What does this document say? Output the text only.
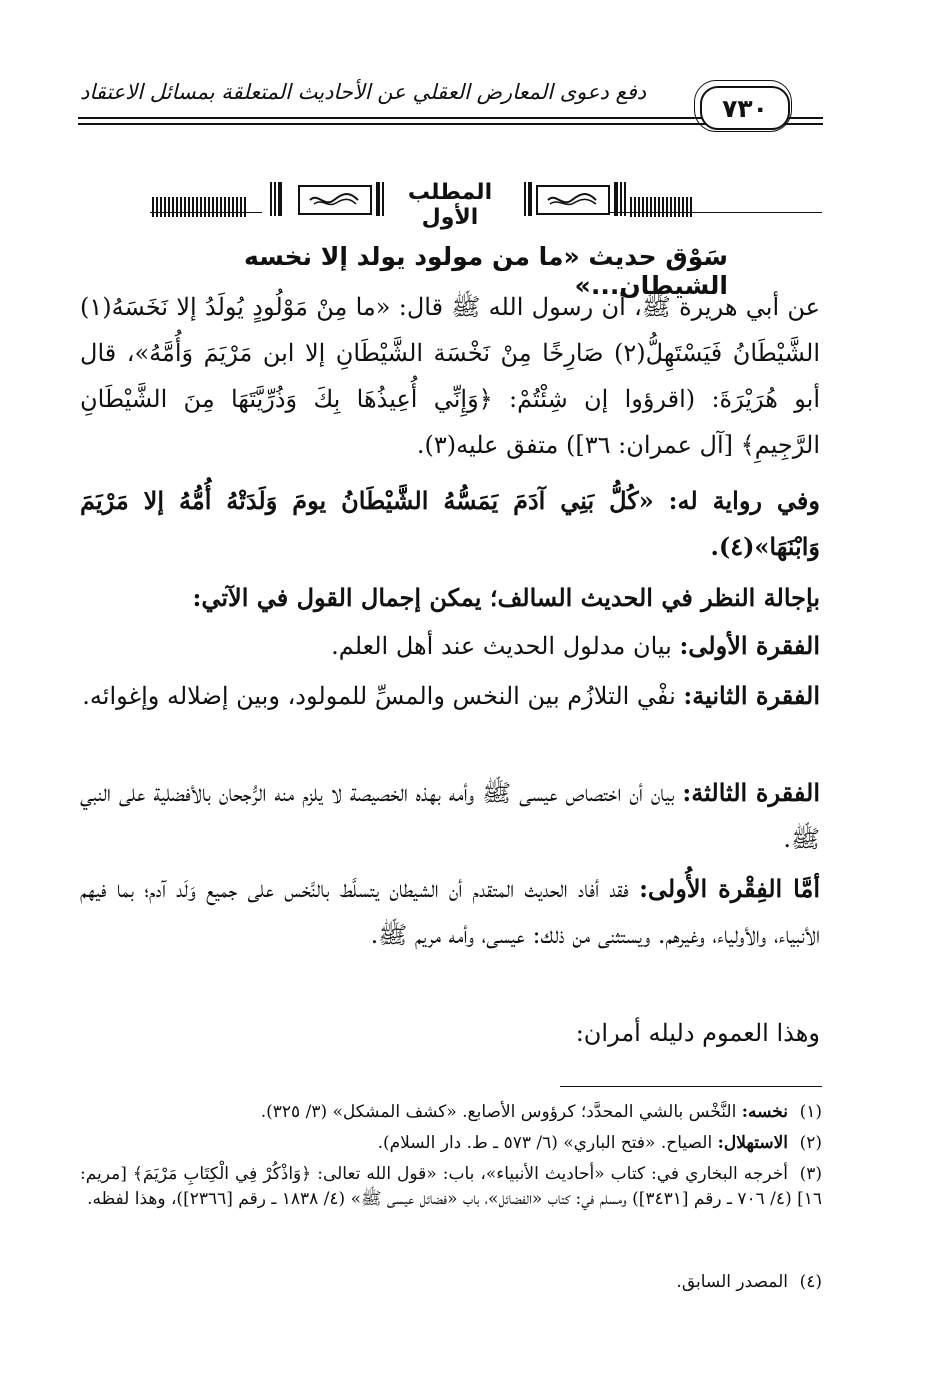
دفع دعوى المعارض العقلي عن الأحاديث المتعلقة بمسائل الاعتقاد
٧٣٠
المطلب الأول
سَوْق حديث «ما من مولود يولد إلا نخسه الشيطان...»
عن أبي هريرة ﷺ، أن رسول الله ﷺ قال: «ما مِنْ مَوْلُودٍ يُولَدُ إلا نَخَسَهُ(١) الشَّيْطَانُ فَيَسْتَهِلُّ(٢) صَارِخًا مِنْ نَخْسَة الشَّيْطَانِ إلا ابن مَرْيَمَ وَأُمَّهُ»، قال أبو هُرَيْرَةَ: (اقرؤوا إن شِئْتُمْ: ﴿وَإِنِّي أُعِيذُهَا بِكَ وَذُرِّيَّتَهَا مِنَ الشَّيْطَانِ الرَّجِيمِ﴾ [آل عمران: ٣٦]) متفق عليه(٣).
وفي رواية له: «كُلُّ بَنِي آدَمَ يَمَسُّهُ الشَّيْطَانُ يومَ وَلَدَتْهُ أُمُّهُ إلا مَرْيَمَ وَابْنَهَا»(٤).
بإجالة النظر في الحديث السالف؛ يمكن إجمال القول في الآتي:
الفقرة الأولى: بيان مدلول الحديث عند أهل العلم.
الفقرة الثانية: نفْي التلازُم بين النخس والمسِّ للمولود، وبين إضلاله وإغوائه.
الفقرة الثالثة: بيان أن اختصاص عيسى ﷺ وأمه بهذه الخصيصة لا يلزم منه الرُّجحان بالأفضلية على النبي ﷺ.
أمَّا الفِقْرة الأُولى: فقد أفاد الحديث المتقدم أن الشيطان يتسلَّط بالنَّخس على جميع وَلَد آدم؛ بما فيهم الأنبياء، والأولياء، وغيرهم. ويستثنى من ذلك: عيسى، وأمه مريم ﷺ.
وهذا العموم دليله أمران:
(١)نخسه: النَّخْس بالشي المحدَّد؛ كرؤوس الأصابع. «كشف المشكل» (٣/ ٣٢٥).
(٢)الاستهلال: الصياح. «فتح الباري» (٦/ ٥٧٣ ـ ط. دار السلام).
(٣)أخرجه البخاري في: كتاب «أحاديث الأنبياء»، باب: «قول الله تعالى: ﴿وَاذْكُرْ فِي الْكِتَابِ مَرْيَمَ﴾ [مريم: ١٦] (٤/ ٧٠٦ ـ رقم [٣٤٣١]) ومسلم في: كتاب «الفضائل»، باب «فضائل عيسى ﷺ» (٤/ ١٨٣٨ ـ رقم [٢٣٦٦])، وهذا لفظه.
(٤)المصدر السابق.
